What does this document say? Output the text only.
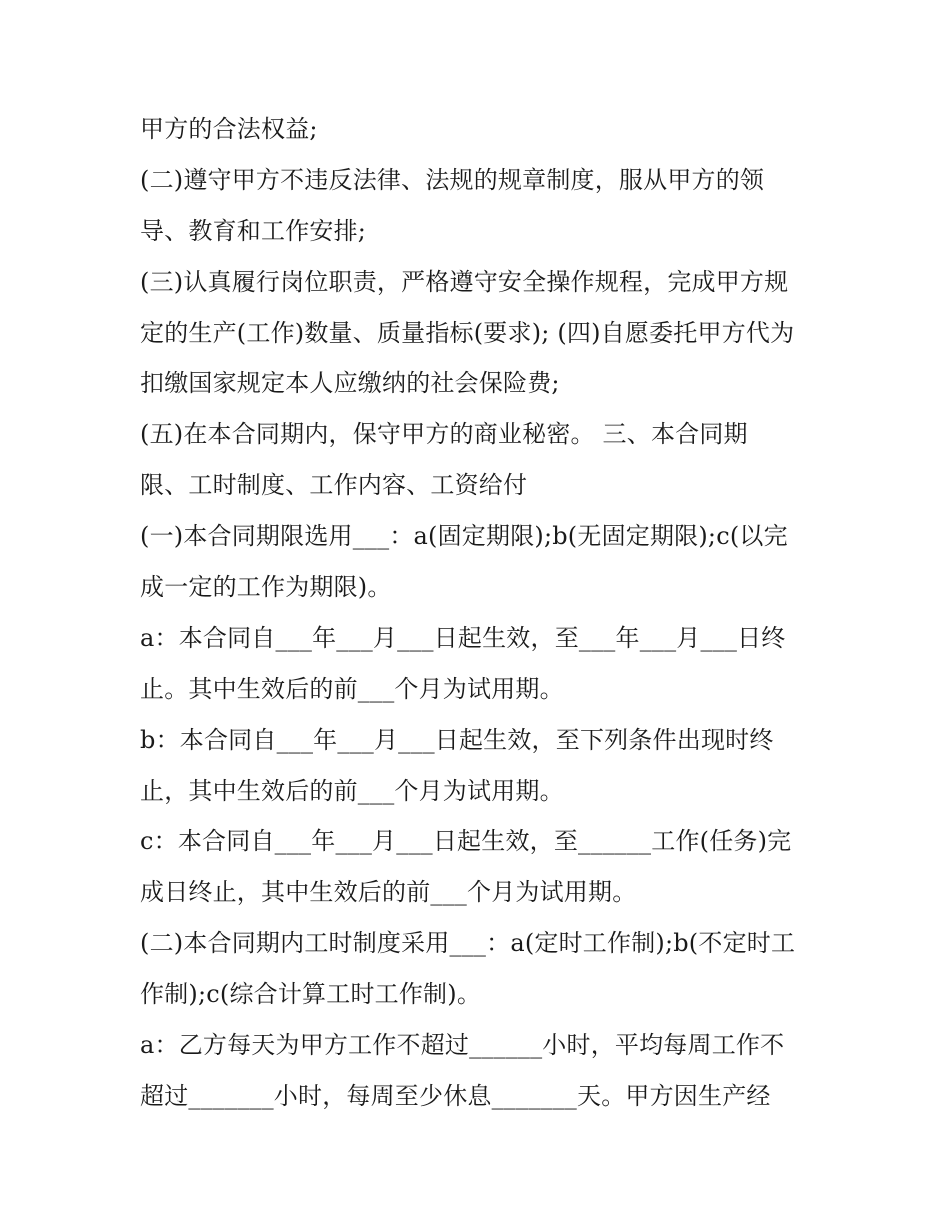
甲方的合法权益;
(二)遵守甲方不违反法律、法规的规章制度，服从甲方的领
导、教育和工作安排;
(三)认真履行岗位职责，严格遵守安全操作规程，完成甲方规
定的生产(工作)数量、质量指标(要求); (四)自愿委托甲方代为
扣缴国家规定本人应缴纳的社会保险费;
(五)在本合同期内，保守甲方的商业秘密。 三、本合同期
限、工时制度、工作内容、工资给付
(一)本合同期限选用___：a(固定期限);b(无固定期限);c(以完
成一定的工作为期限)。
a：本合同自___年___月___日起生效，至___年___月___日终
止。其中生效后的前___个月为试用期。
b：本合同自___年___月___日起生效，至下列条件出现时终
止，其中生效后的前___个月为试用期。
c：本合同自___年___月___日起生效，至______工作(任务)完
成日终止，其中生效后的前___个月为试用期。
(二)本合同期内工时制度采用___：a(定时工作制);b(不定时工
作制);c(综合计算工时工作制)。
a：乙方每天为甲方工作不超过______小时，平均每周工作不
超过_______小时，每周至少休息_______天。甲方因生产经
